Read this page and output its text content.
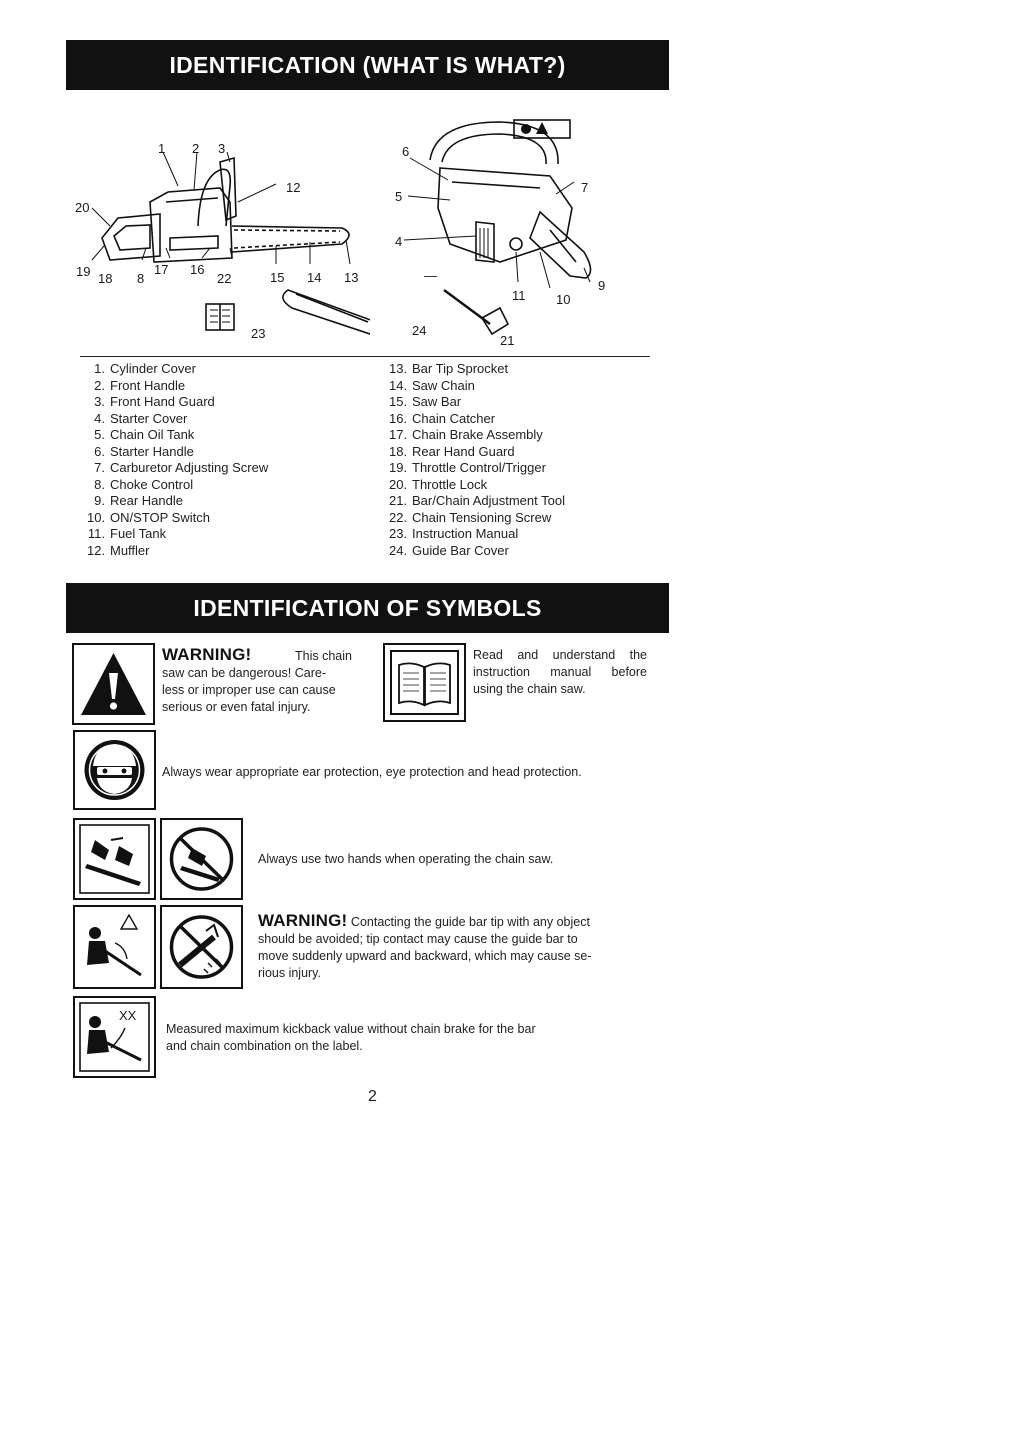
IDENTIFICATION (WHAT IS WHAT?)
1 2 3
12
20
19 18 8
17 16
22	15 14 13
23
6
5
7
4
—
11 10
9
24
21
1. Cylinder Cover
2. Front Handle
3. Front Hand Guard
4. Starter Cover
5. Chain Oil Tank
6. Starter Handle
7. Carburetor Adjusting Screw
8. Choke Control
9. Rear Handle
10. ON/STOP Switch
11. Fuel Tank
12. Muffler
13. Bar Tip Sprocket
14. Saw Chain
15. Saw Bar
16. Chain Catcher
17. Chain Brake Assembly
18. Rear Hand Guard
19. Throttle Control/Trigger
20. Throttle Lock
21. Bar/Chain Adjustment Tool
22. Chain Tensioning Screw
23. Instruction Manual
24. Guide Bar Cover
IDENTIFICATION OF SYMBOLS
WARNING!	This chain
saw can be dangerous! Care-
less or improper use can cause
serious or even fatal injury.
Read and understand the
instruction manual before
using the chain saw.
Always wear appropriate ear protection, eye protection and head protection.
Always use two hands when operating the chain saw.
WARNING! Contacting the guide bar tip with any object
should be avoided; tip contact may cause the guide bar to
move suddenly upward and backward, which may cause se-
rious injury.
XX
Measured maximum kickback value without chain brake for the bar
and chain combination on the label.
2
